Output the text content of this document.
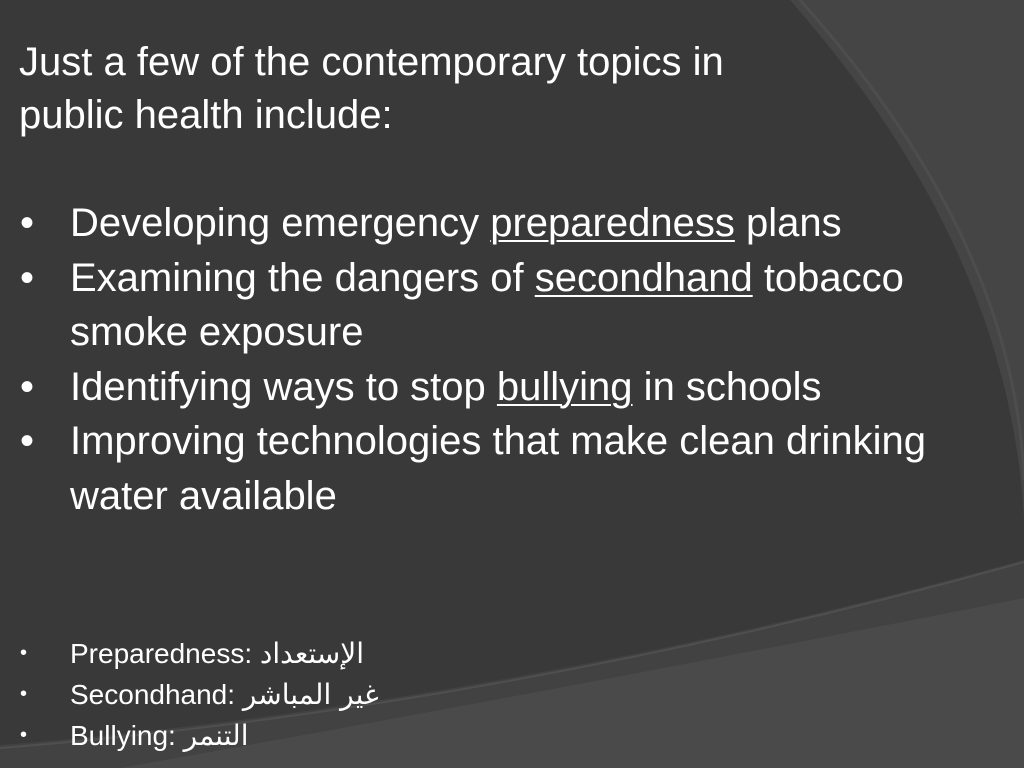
Just a few of the contemporary topics in
public health include:

• Developing emergency preparedness plans
• Examining the dangers of secondhand tobacco smoke exposure
• Identifying ways to stop bullying in schools
• Improving technologies that make clean drinking water available
• Preparedness: الإستعداد
• Secondhand: غير المباشر
• Bullying: التنمر
